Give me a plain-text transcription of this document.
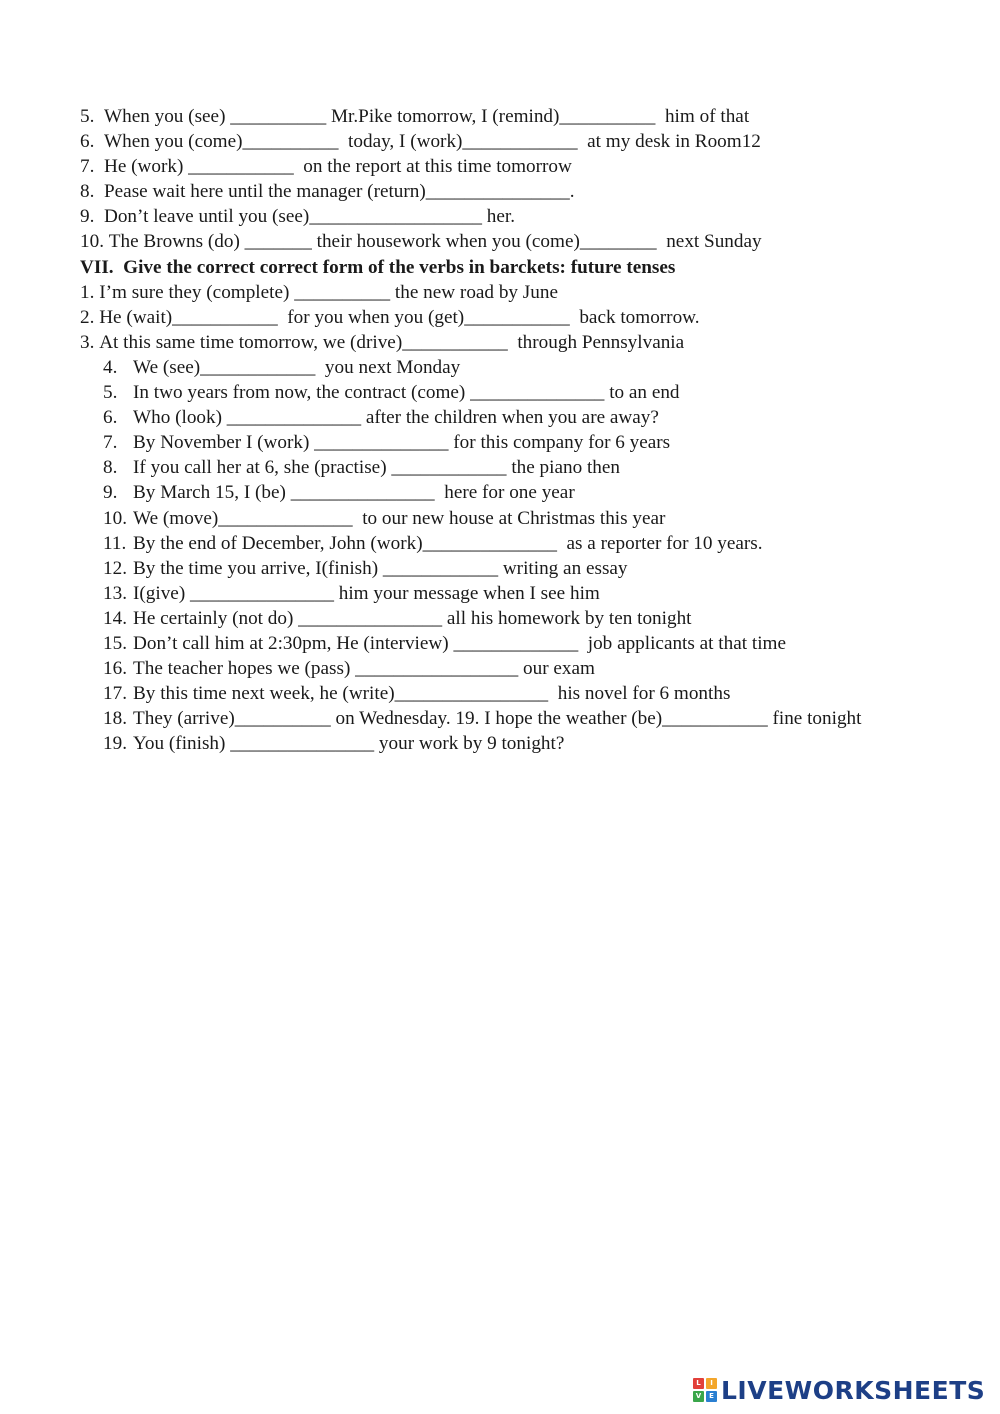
5.  When you (see) __________ Mr.Pike tomorrow, I (remind)__________  him of that
6.  When you (come)__________  today, I (work)____________  at my desk in Room12
7.  He (work) ___________  on the report at this time tomorrow
8.  Pease wait here until the manager (return)_______________.
9.  Don’t leave until you (see)__________________ her.
10. The Browns (do) _______ their housework when you (come)________  next Sunday
VII.  Give the correct correct form of the verbs in barckets: future tenses
1. I’m sure they (complete) __________ the new road by June
2. He (wait)___________  for you when you (get)___________  back tomorrow.
3. At this same time tomorrow, we (drive)___________  through Pennsylvania
4. We (see)____________  you next Monday
5. In two years from now, the contract (come) ______________ to an end
6. Who (look) ______________ after the children when you are away?
7. By November I (work) ______________ for this company for 6 years
8. If you call her at 6, she (practise) ____________ the piano then
9. By March 15, I (be) _______________  here for one year
10. We (move)______________  to our new house at Christmas this year
11. By the end of December, John (work)______________  as a reporter for 10 years.
12. By the time you arrive, I(finish) ____________ writing an essay
13. I(give) _______________ him your message when I see him
14. He certainly (not do) _______________ all his homework by ten tonight
15. Don’t call him at 2:30pm, He (interview) _____________  job applicants at that time
16. The teacher hopes we (pass) _________________ our exam
17. By this time next week, he (write)________________  his novel for 6 months
18. They (arrive)__________ on Wednesday. 19. I hope the weather (be)___________ fine tonight
19. You (finish) _______________ your work by 9 tonight?
L	I
V	E LIVEWORKSHEETS
